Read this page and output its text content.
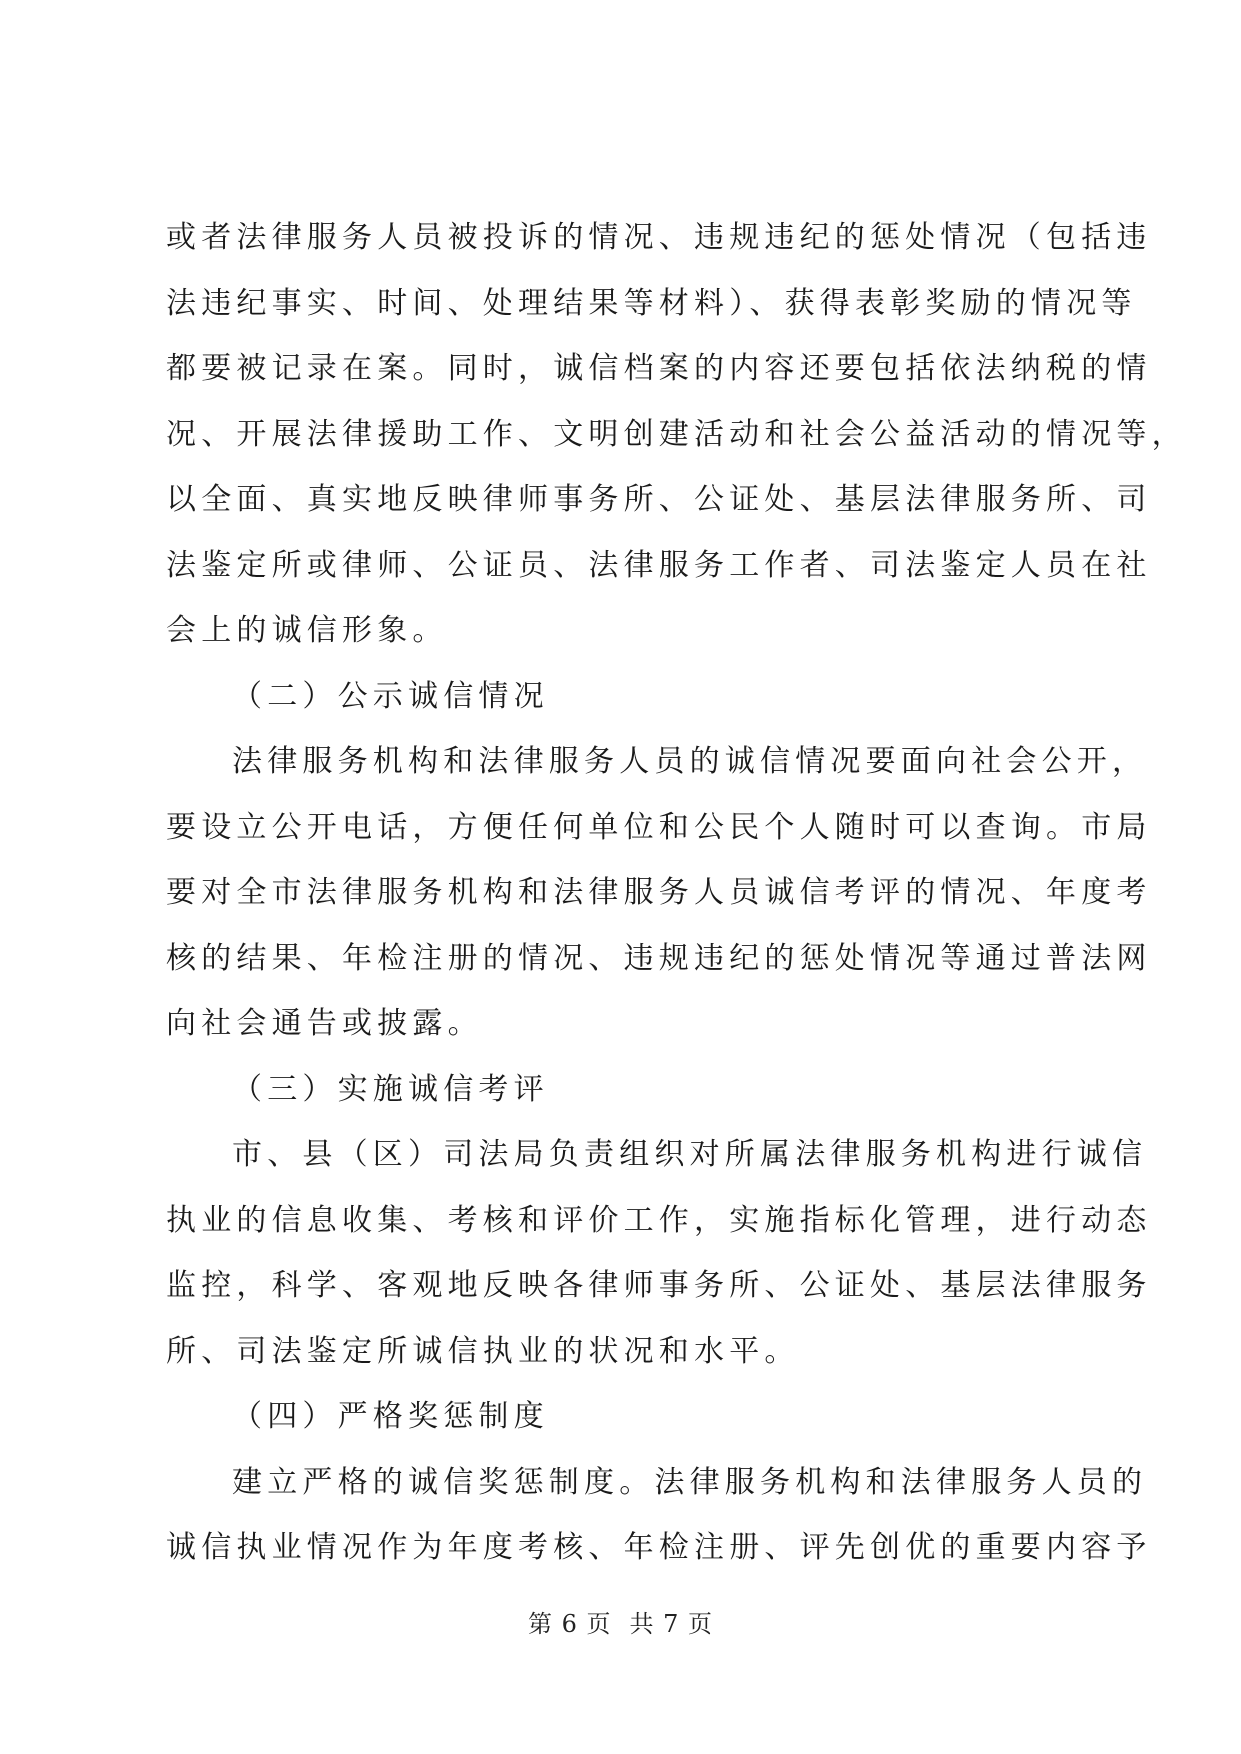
或者法律服务人员被投诉的情况、违规违纪的惩处情况（包括违
法违纪事实、时间、处理结果等材料）、获得表彰奖励的情况等
都要被记录在案。同时，诚信档案的内容还要包括依法纳税的情
况、开展法律援助工作、文明创建活动和社会公益活动的情况等，
以全面、真实地反映律师事务所、公证处、基层法律服务所、司
法鉴定所或律师、公证员、法律服务工作者、司法鉴定人员在社
会上的诚信形象。
（二）公示诚信情况
法律服务机构和法律服务人员的诚信情况要面向社会公开，
要设立公开电话，方便任何单位和公民个人随时可以查询。市局
要对全市法律服务机构和法律服务人员诚信考评的情况、年度考
核的结果、年检注册的情况、违规违纪的惩处情况等通过普法网
向社会通告或披露。
（三）实施诚信考评
市、县（区）司法局负责组织对所属法律服务机构进行诚信
执业的信息收集、考核和评价工作，实施指标化管理，进行动态
监控，科学、客观地反映各律师事务所、公证处、基层法律服务
所、司法鉴定所诚信执业的状况和水平。
（四）严格奖惩制度
建立严格的诚信奖惩制度。法律服务机构和法律服务人员的
诚信执业情况作为年度考核、年检注册、评先创优的重要内容予
第 6 页 共 7 页
